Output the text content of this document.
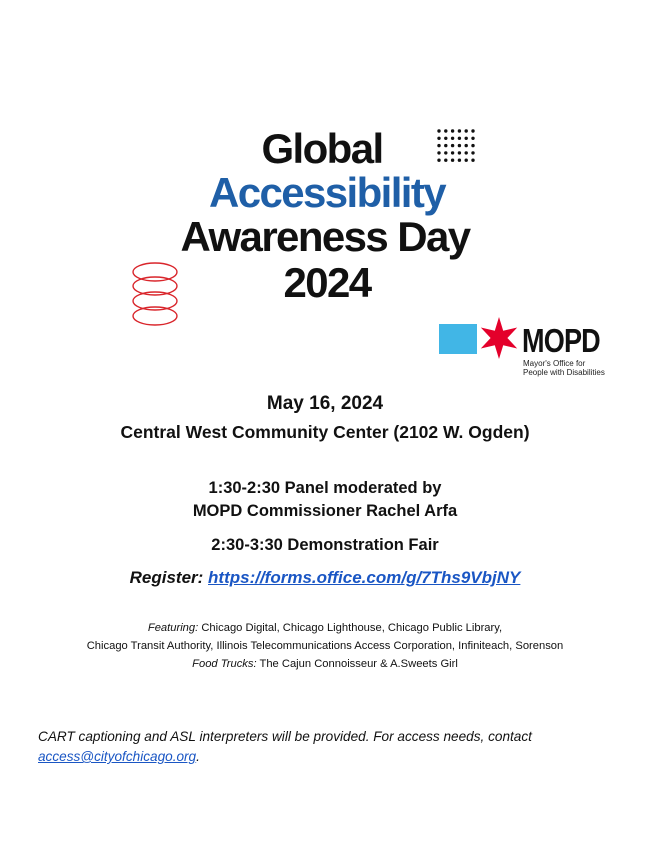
Global
Accessibility
Awareness Day
2024
MOPD
Mayor's Office for
People with Disabilities
May 16, 2024
Central West Community Center (2102 W. Ogden)
1:30-2:30 Panel moderated by
MOPD Commissioner Rachel Arfa
2:30-3:30 Demonstration Fair
Register: https://forms.office.com/g/7Ths9VbjNY
Featuring: Chicago Digital, Chicago Lighthouse, Chicago Public Library,
Chicago Transit Authority, Illinois Telecommunications Access Corporation, Infiniteach, Sorenson
Food Trucks: The Cajun Connoisseur & A.Sweets Girl
CART captioning and ASL interpreters will be provided. For access needs, contact
access@cityofchicago.org.
